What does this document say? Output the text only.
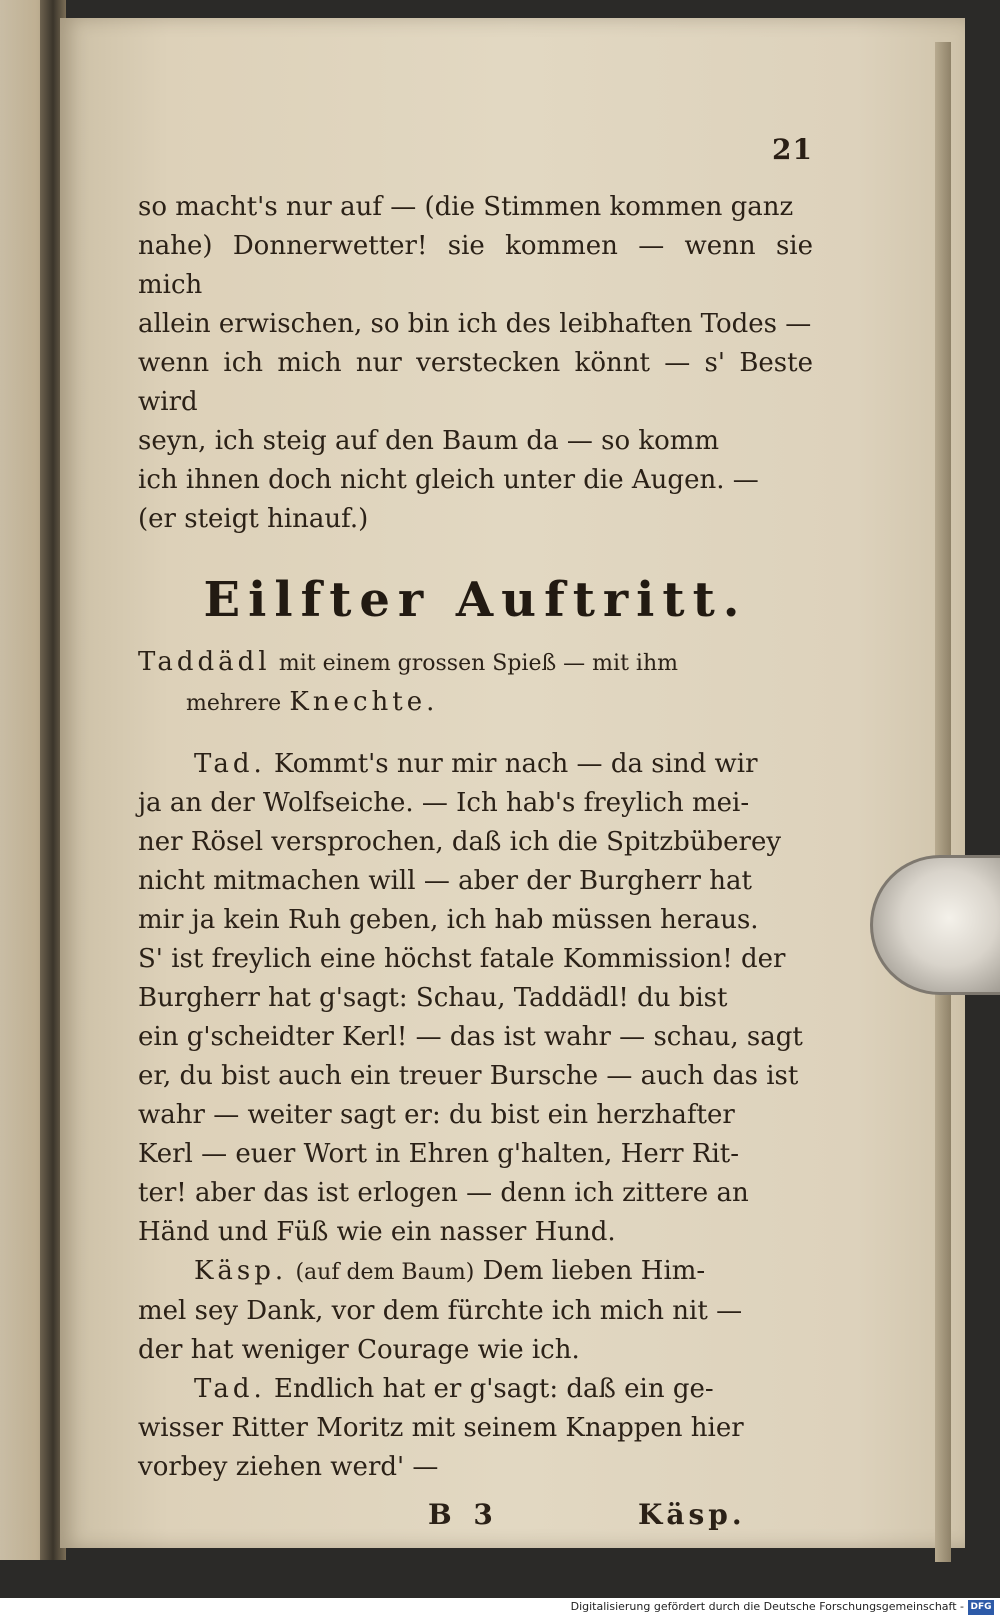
21
so macht's nur auf — (die Stimmen kommen ganz
nahe) Donnerwetter! sie kommen — wenn sie mich
allein erwischen, so bin ich des leibhaften Todes —
wenn ich mich nur verstecken könnt — s' Beste wird
seyn, ich steig auf den Baum da — so komm
ich ihnen doch nicht gleich unter die Augen. —
(er steigt hinauf.)
Eilfter Auftritt.
Taddädl mit einem grossen Spieß — mit ihm
mehrere Knechte.
Tad. Kommt's nur mir nach — da sind wir
ja an der Wolfseiche. — Ich hab's freylich mei-
ner Rösel versprochen, daß ich die Spitzbüberey
nicht mitmachen will — aber der Burgherr hat
mir ja kein Ruh geben, ich hab müssen heraus.
S' ist freylich eine höchst fatale Kommission! der
Burgherr hat g'sagt: Schau, Taddädl! du bist
ein g'scheidter Kerl! — das ist wahr — schau, sagt
er, du bist auch ein treuer Bursche — auch das ist
wahr — weiter sagt er: du bist ein herzhafter
Kerl — euer Wort in Ehren g'halten, Herr Rit-
ter! aber das ist erlogen — denn ich zittere an
Händ und Füß wie ein nasser Hund.
Käsp. (auf dem Baum) Dem lieben Him-
mel sey Dank, vor dem fürchte ich mich nit —
der hat weniger Courage wie ich.
Tad. Endlich hat er g'sagt: daß ein ge-
wisser Ritter Moritz mit seinem Knappen hier
vorbey ziehen werd' —
B 3	Käsp.
Digitalisierung gefördert durch die Deutsche Forschungsgemeinschaft - DFG
